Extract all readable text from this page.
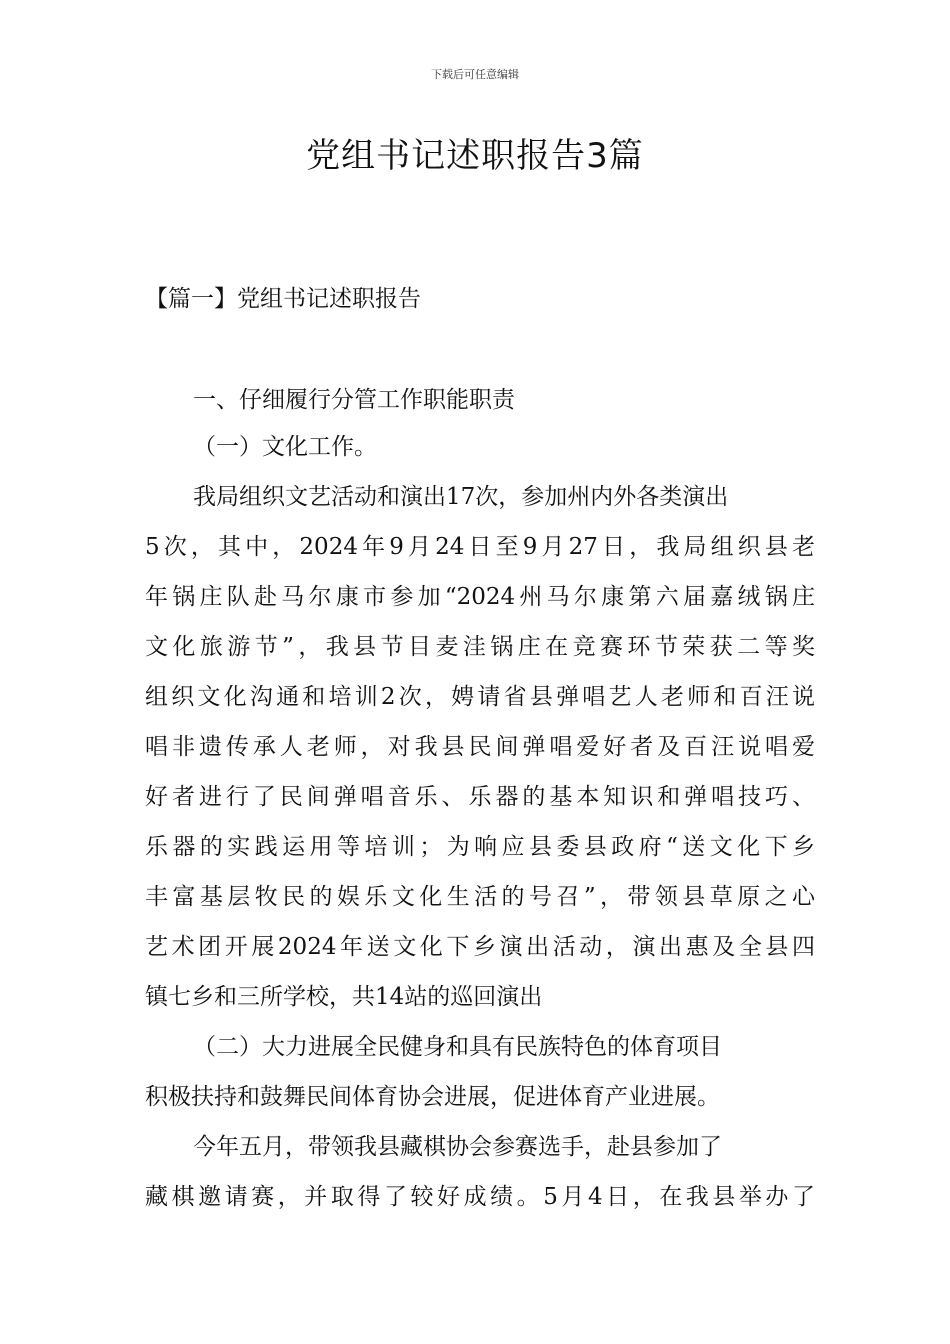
下载后可任意编辑
党组书记述职报告3篇
【篇一】党组书记述职报告
一、仔细履行分管工作职能职责
（一）文化工作。
我局组织文艺活动和演出17次，参加州内外各类演出
5次，其中，2024年9月24日至9月27日，我局组织县老
年锅庄队赴马尔康市参加“2024州马尔康第六届嘉绒锅庄
文化旅游节”，我县节目麦洼锅庄在竞赛环节荣获二等奖
组织文化沟通和培训2次，娉请省县弹唱艺人老师和百汪说
唱非遗传承人老师，对我县民间弹唱爱好者及百汪说唱爱
好者进行了民间弹唱音乐、乐器的基本知识和弹唱技巧、
乐器的实践运用等培训；为响应县委县政府“送文化下乡
丰富基层牧民的娱乐文化生活的号召”，带领县草原之心
艺术团开展2024年送文化下乡演出活动，演出惠及全县四
镇七乡和三所学校，共14站的巡回演出
（二）大力进展全民健身和具有民族特色的体育项目
积极扶持和鼓舞民间体育协会进展，促进体育产业进展。
今年五月，带领我县藏棋协会参赛选手，赴县参加了
藏棋邀请赛，并取得了较好成绩。5月4日，在我县举办了
